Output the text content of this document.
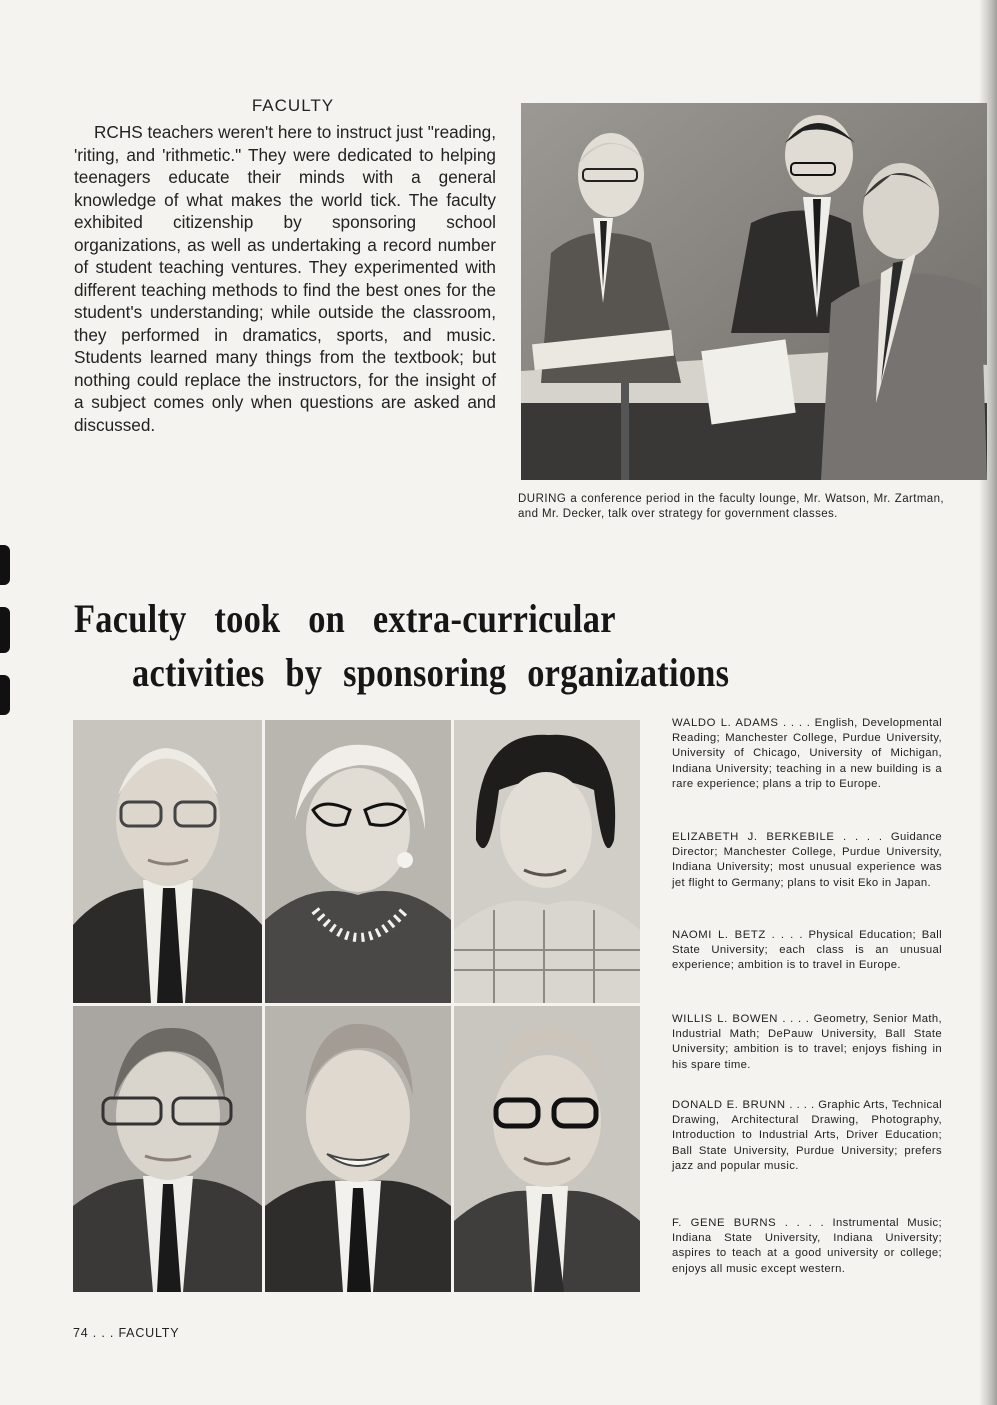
FACULTY
RCHS teachers weren't here to instruct just "reading, 'riting, and 'rithmetic." They were dedicated to helping teenagers educate their minds with a general knowledge of what makes the world tick. The faculty exhibited citizenship by sponsoring school organizations, as well as undertaking a record number of student teaching ventures. They experimented with different teaching methods to find the best ones for the student's understanding; while outside the classroom, they performed in dramatics, sports, and music. Students learned many things from the textbook; but nothing could replace the instructors, for the insight of a subject comes only when questions are asked and discussed.
DURING a conference period in the faculty lounge, Mr. Watson, Mr. Zartman, and Mr. Decker, talk over strategy for government classes.
Faculty took on extra-curricular
activities by sponsoring organizations
WALDO L. ADAMS . . . . English, Developmental Reading; Manchester College, Purdue University, University of Chicago, University of Michigan, Indiana University; teaching in a new building is a rare experience; plans a trip to Europe.
ELIZABETH J. BERKEBILE . . . . Guidance Director; Manchester College, Purdue University, Indiana University; most unusual experience was jet flight to Germany; plans to visit Eko in Japan.
NAOMI L. BETZ . . . . Physical Education; Ball State University; each class is an unusual experience; ambition is to travel in Europe.
WILLIS L. BOWEN . . . . Geometry, Senior Math, Industrial Math; DePauw University, Ball State University; ambition is to travel; enjoys fishing in his spare time.
DONALD E. BRUNN . . . . Graphic Arts, Technical Drawing, Architectural Drawing, Photography, Introduction to Industrial Arts, Driver Education; Ball State University, Purdue University; prefers jazz and popular music.
F. GENE BURNS . . . . Instrumental Music; Indiana State University, Indiana University; aspires to teach at a good university or college; enjoys all music except western.
74 . . . FACULTY
